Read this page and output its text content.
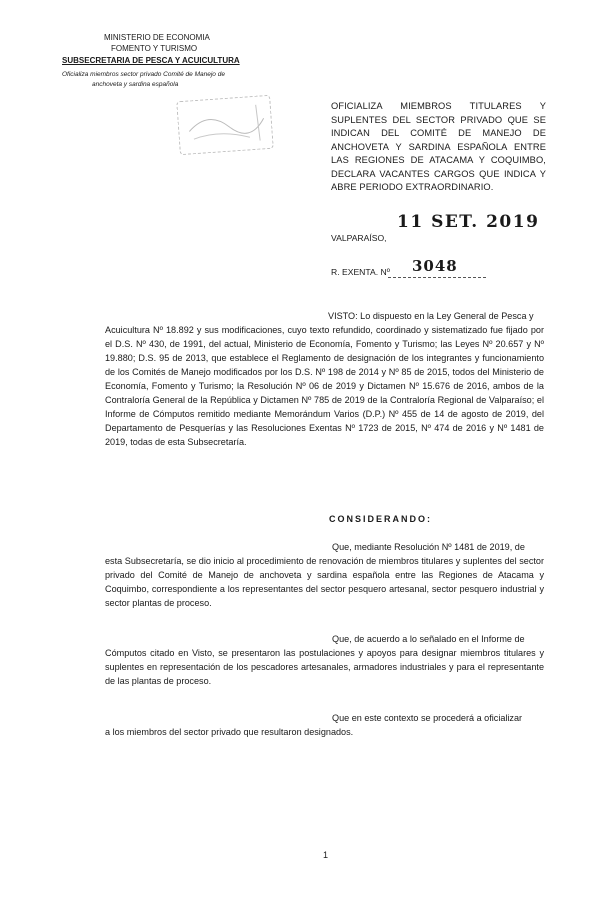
MINISTERIO DE ECONOMIA
FOMENTO Y TURISMO
SUBSECRETARIA DE PESCA Y ACUICULTURA
Oficializa miembros sector privado Comité de Manejo de
anchoveta y sardina española
OFICIALIZA MIEMBROS TITULARES Y SUPLENTES DEL SECTOR PRIVADO QUE SE INDICAN DEL COMITÉ DE MANEJO DE ANCHOVETA Y SARDINA ESPAÑOLA ENTRE LAS REGIONES DE ATACAMA Y COQUIMBO, DECLARA VACANTES CARGOS QUE INDICA Y ABRE PERIODO EXTRAORDINARIO.
VALPARAÍSO,
11 SET. 2019
R. EXENTA. Nº 3048
VISTO: Lo dispuesto en la Ley General de Pesca y
Acuicultura Nº 18.892 y sus modificaciones, cuyo texto refundido, coordinado y sistematizado fue fijado por el D.S. Nº 430, de 1991, del actual, Ministerio de Economía, Fomento y Turismo; las Leyes Nº 20.657 y Nº 19.880; D.S. 95 de 2013, que establece el Reglamento de designación de los integrantes y funcionamiento de los Comités de Manejo modificados por los D.S. Nº 198 de 2014 y Nº 85 de 2015, todos del Ministerio de Economía, Fomento y Turismo; la Resolución Nº 06 de 2019 y Dictamen Nº 15.676 de 2016, ambos de la Contraloría General de la República y Dictamen Nº 785 de 2019 de la Contraloría Regional de Valparaíso; el Informe de Cómputos remitido mediante Memorándum Varios (D.P.) Nº 455 de 14 de agosto de 2019, del Departamento de Pesquerías y las Resoluciones Exentas Nº 1723 de 2015, Nº 474 de 2016 y Nº 1481 de 2019, todas de esta Subsecretaría.
CONSIDERANDO:
Que, mediante Resolución Nº 1481 de 2019, de
esta Subsecretaría, se dio inicio al procedimiento de renovación de miembros titulares y suplentes del sector privado del Comité de Manejo de anchoveta y sardina española entre las Regiones de Atacama y Coquimbo, correspondiente a los representantes del sector pesquero artesanal, sector pesquero industrial y sector plantas de proceso.
Que, de acuerdo a lo señalado en el Informe de
Cómputos citado en Visto, se presentaron las postulaciones y apoyos para designar miembros titulares y suplentes en representación de los pescadores artesanales, armadores industriales y para el representante de las plantas de proceso.
Que en este contexto se procederá a oficializar
a los miembros del sector privado que resultaron designados.
1
